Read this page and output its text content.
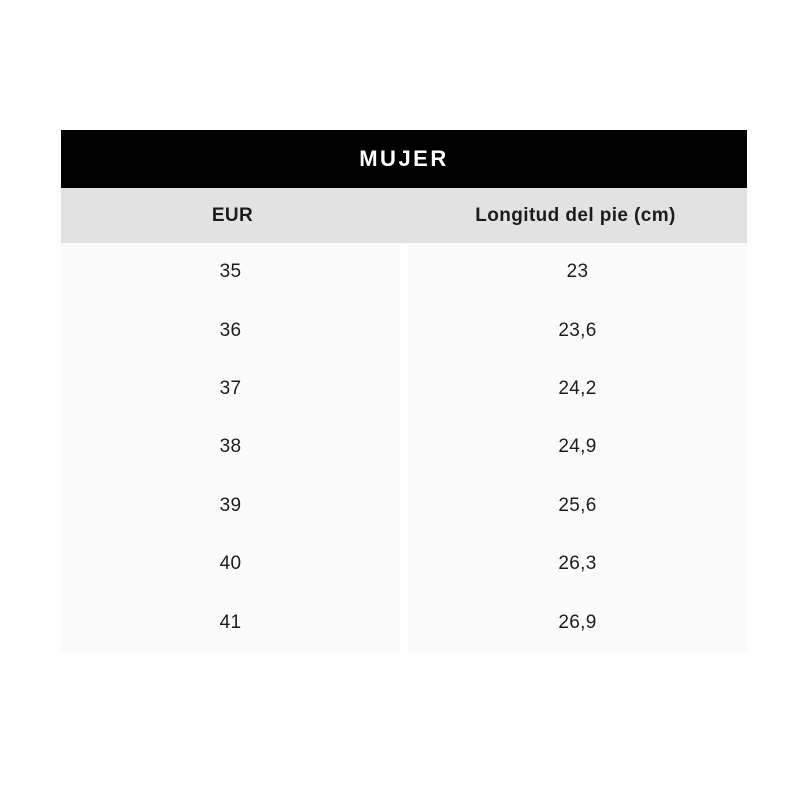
MUJER
EUR	Longitud del pie (cm)
35
36
37
38
39
40
41
23
23,6
24,2
24,9
25,6
26,3
26,9
